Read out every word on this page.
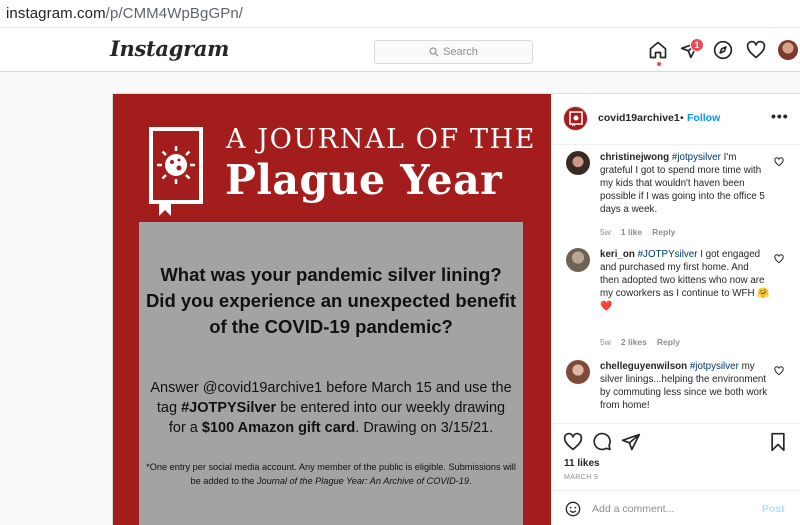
instagram.com/p/CMM4WpBgGPn/
Instagram	Search
1
A JOURNAL OF THE
Plague Year
What was your pandemic silver lining? Did you experience an unexpected benefit of the COVID-19 pandemic?
Answer @covid19archive1 before March 15 and use the tag #JOTPYSilver be entered into our weekly drawing for a $100 Amazon gift card. Drawing on 3/15/21.
*One entry per social media account. Any member of the public is eligible. Submissions will be added to the Journal of the Plague Year: An Archive of COVID-19.
covid19archive1 • Follow	•••
christinejwong #jotpysilver I'm grateful I got to spend more time with my kids that wouldn't haven been possible if I was going into the office 5 days a week.
5w 1 like Reply
keri_on #JOTPYsilver I got engaged and purchased my first home. And then adopted two kittens who now are my coworkers as I continue to WFH 🤗❤️
5w 2 likes Reply
chelleguyenwilson #jotpysilver my silver linings...helping the environment by commuting less since we both work from home!
11 likes
MARCH 9
Add a comment...
Post
